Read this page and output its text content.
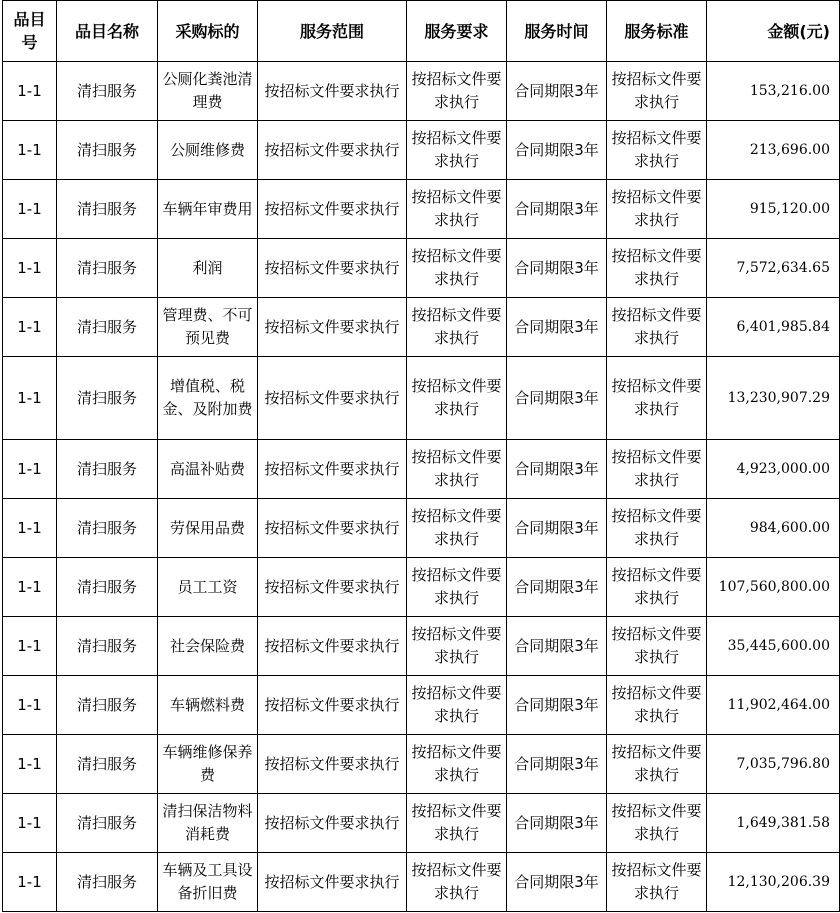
品目号	品目名称	采购标的	服务范围	服务要求	服务时间	服务标准	金额(元)
1-1	清扫服务	公厕化粪池清理费	按招标文件要求执行	按招标文件要求执行	合同期限3年	按招标文件要求执行	153,216.00
1-1	清扫服务	公厕维修费	按招标文件要求执行	按招标文件要求执行	合同期限3年	按招标文件要求执行	213,696.00
1-1	清扫服务	车辆年审费用	按招标文件要求执行	按招标文件要求执行	合同期限3年	按招标文件要求执行	915,120.00
1-1	清扫服务	利润	按招标文件要求执行	按招标文件要求执行	合同期限3年	按招标文件要求执行	7,572,634.65
1-1	清扫服务	管理费、不可预见费	按招标文件要求执行	按招标文件要求执行	合同期限3年	按招标文件要求执行	6,401,985.84
1-1	清扫服务	增值税、税金、及附加费	按招标文件要求执行	按招标文件要求执行	合同期限3年	按招标文件要求执行	13,230,907.29
1-1	清扫服务	高温补贴费	按招标文件要求执行	按招标文件要求执行	合同期限3年	按招标文件要求执行	4,923,000.00
1-1	清扫服务	劳保用品费	按招标文件要求执行	按招标文件要求执行	合同期限3年	按招标文件要求执行	984,600.00
1-1	清扫服务	员工工资	按招标文件要求执行	按招标文件要求执行	合同期限3年	按招标文件要求执行	107,560,800.00
1-1	清扫服务	社会保险费	按招标文件要求执行	按招标文件要求执行	合同期限3年	按招标文件要求执行	35,445,600.00
1-1	清扫服务	车辆燃料费	按招标文件要求执行	按招标文件要求执行	合同期限3年	按招标文件要求执行	11,902,464.00
1-1	清扫服务	车辆维修保养费	按招标文件要求执行	按招标文件要求执行	合同期限3年	按招标文件要求执行	7,035,796.80
1-1	清扫服务	清扫保洁物料消耗费	按招标文件要求执行	按招标文件要求执行	合同期限3年	按招标文件要求执行	1,649,381.58
1-1	清扫服务	车辆及工具设备折旧费	按招标文件要求执行	按招标文件要求执行	合同期限3年	按招标文件要求执行	12,130,206.39
